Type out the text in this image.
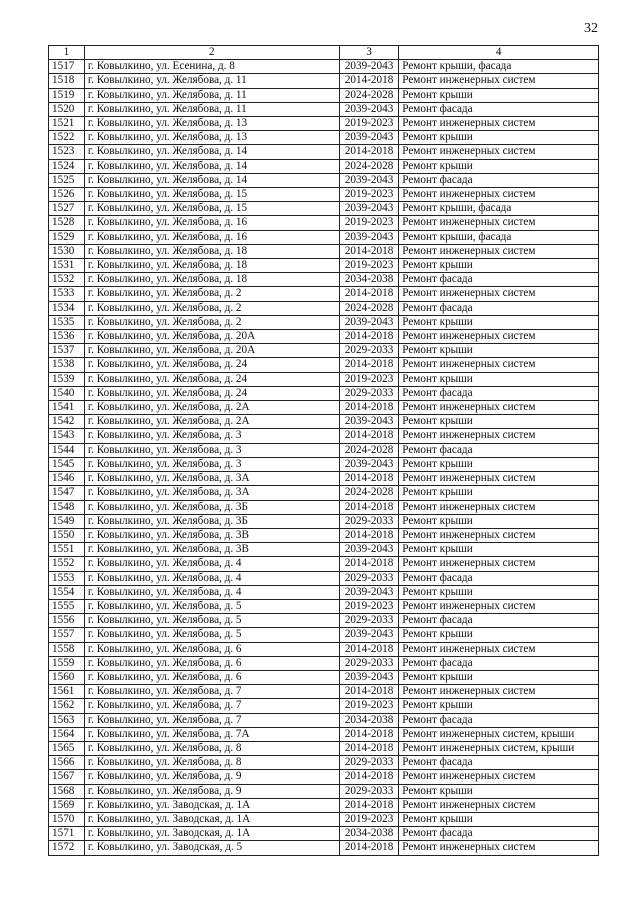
32
1	2	3	4
1517	г. Ковылкино, ул. Есенина, д. 8	2039-2043	Ремонт крыши, фасада
1518	г. Ковылкино, ул. Желябова, д. 11	2014-2018	Ремонт инженерных систем
1519	г. Ковылкино, ул. Желябова, д. 11	2024-2028	Ремонт крыши
1520	г. Ковылкино, ул. Желябова, д. 11	2039-2043	Ремонт фасада
1521	г. Ковылкино, ул. Желябова, д. 13	2019-2023	Ремонт инженерных систем
1522	г. Ковылкино, ул. Желябова, д. 13	2039-2043	Ремонт крыши
1523	г. Ковылкино, ул. Желябова, д. 14	2014-2018	Ремонт инженерных систем
1524	г. Ковылкино, ул. Желябова, д. 14	2024-2028	Ремонт крыши
1525	г. Ковылкино, ул. Желябова, д. 14	2039-2043	Ремонт фасада
1526	г. Ковылкино, ул. Желябова, д. 15	2019-2023	Ремонт инженерных систем
1527	г. Ковылкино, ул. Желябова, д. 15	2039-2043	Ремонт крыши, фасада
1528	г. Ковылкино, ул. Желябова, д. 16	2019-2023	Ремонт инженерных систем
1529	г. Ковылкино, ул. Желябова, д. 16	2039-2043	Ремонт крыши, фасада
1530	г. Ковылкино, ул. Желябова, д. 18	2014-2018	Ремонт инженерных систем
1531	г. Ковылкино, ул. Желябова, д. 18	2019-2023	Ремонт крыши
1532	г. Ковылкино, ул. Желябова, д. 18	2034-2038	Ремонт фасада
1533	г. Ковылкино, ул. Желябова, д. 2	2014-2018	Ремонт инженерных систем
1534	г. Ковылкино, ул. Желябова, д. 2	2024-2028	Ремонт фасада
1535	г. Ковылкино, ул. Желябова, д. 2	2039-2043	Ремонт крыши
1536	г. Ковылкино, ул. Желябова, д. 20А	2014-2018	Ремонт инженерных систем
1537	г. Ковылкино, ул. Желябова, д. 20А	2029-2033	Ремонт крыши
1538	г. Ковылкино, ул. Желябова, д. 24	2014-2018	Ремонт инженерных систем
1539	г. Ковылкино, ул. Желябова, д. 24	2019-2023	Ремонт крыши
1540	г. Ковылкино, ул. Желябова, д. 24	2029-2033	Ремонт фасада
1541	г. Ковылкино, ул. Желябова, д. 2А	2014-2018	Ремонт инженерных систем
1542	г. Ковылкино, ул. Желябова, д. 2А	2039-2043	Ремонт крыши
1543	г. Ковылкино, ул. Желябова, д. 3	2014-2018	Ремонт инженерных систем
1544	г. Ковылкино, ул. Желябова, д. 3	2024-2028	Ремонт фасада
1545	г. Ковылкино, ул. Желябова, д. 3	2039-2043	Ремонт крыши
1546	г. Ковылкино, ул. Желябова, д. 3А	2014-2018	Ремонт инженерных систем
1547	г. Ковылкино, ул. Желябова, д. 3А	2024-2028	Ремонт крыши
1548	г. Ковылкино, ул. Желябова, д. 3Б	2014-2018	Ремонт инженерных систем
1549	г. Ковылкино, ул. Желябова, д. 3Б	2029-2033	Ремонт крыши
1550	г. Ковылкино, ул. Желябова, д. 3В	2014-2018	Ремонт инженерных систем
1551	г. Ковылкино, ул. Желябова, д. 3В	2039-2043	Ремонт крыши
1552	г. Ковылкино, ул. Желябова, д. 4	2014-2018	Ремонт инженерных систем
1553	г. Ковылкино, ул. Желябова, д. 4	2029-2033	Ремонт фасада
1554	г. Ковылкино, ул. Желябова, д. 4	2039-2043	Ремонт крыши
1555	г. Ковылкино, ул. Желябова, д. 5	2019-2023	Ремонт инженерных систем
1556	г. Ковылкино, ул. Желябова, д. 5	2029-2033	Ремонт фасада
1557	г. Ковылкино, ул. Желябова, д. 5	2039-2043	Ремонт крыши
1558	г. Ковылкино, ул. Желябова, д. 6	2014-2018	Ремонт инженерных систем
1559	г. Ковылкино, ул. Желябова, д. 6	2029-2033	Ремонт фасада
1560	г. Ковылкино, ул. Желябова, д. 6	2039-2043	Ремонт крыши
1561	г. Ковылкино, ул. Желябова, д. 7	2014-2018	Ремонт инженерных систем
1562	г. Ковылкино, ул. Желябова, д. 7	2019-2023	Ремонт крыши
1563	г. Ковылкино, ул. Желябова, д. 7	2034-2038	Ремонт фасада
1564	г. Ковылкино, ул. Желябова, д. 7А	2014-2018	Ремонт инженерных систем, крыши
1565	г. Ковылкино, ул. Желябова, д. 8	2014-2018	Ремонт инженерных систем, крыши
1566	г. Ковылкино, ул. Желябова, д. 8	2029-2033	Ремонт фасада
1567	г. Ковылкино, ул. Желябова, д. 9	2014-2018	Ремонт инженерных систем
1568	г. Ковылкино, ул. Желябова, д. 9	2029-2033	Ремонт крыши
1569	г. Ковылкино, ул. Заводская, д. 1А	2014-2018	Ремонт инженерных систем
1570	г. Ковылкино, ул. Заводская, д. 1А	2019-2023	Ремонт крыши
1571	г. Ковылкино, ул. Заводская, д. 1А	2034-2038	Ремонт фасада
1572	г. Ковылкино, ул. Заводская, д. 5	2014-2018	Ремонт инженерных систем
